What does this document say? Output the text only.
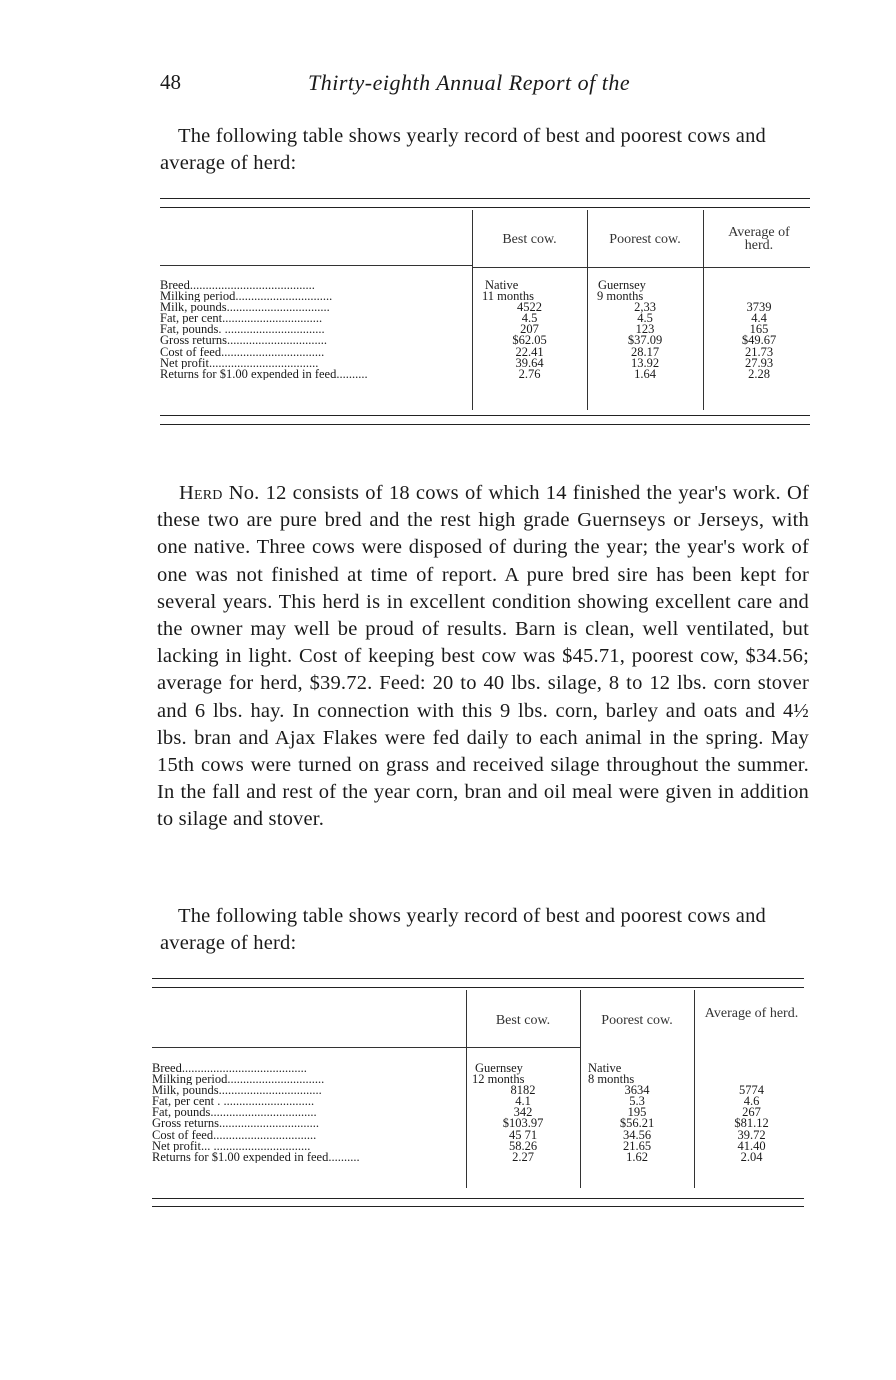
48	Thirty-eighth Annual Report of the

The following table shows yearly record of best and poorest cows and average of herd:

Best cow.	Poorest cow.	Average of herd.
Breed........................................	Native	Guernsey
Milking period...............................	11 months	9 months
Milk, pounds.................................	4522	2,33	3739
Fat, per cent................................	4.5	4.5	4.4
Fat, pounds. ................................	207	123	165
Gross returns................................	$62.05	$37.09	$49.67
Cost of feed.................................	22.41	28.17	21.73
Net profit...................................	39.64	13.92	27.93
Returns for $1.00 expended in feed..........	2.76	1.64	2.28

Herd No. 12 consists of 18 cows of which 14 finished the year's work. Of these two are pure bred and the rest high grade Guernseys or Jerseys, with one native. Three cows were disposed of during the year; the year's work of one was not finished at time of report. A pure bred sire has been kept for several years. This herd is in excellent condition showing excellent care and the owner may well be proud of results. Barn is clean, well ventilated, but lacking in light. Cost of keeping best cow was $45.71, poorest cow, $34.56; average for herd, $39.72. Feed: 20 to 40 lbs. silage, 8 to 12 lbs. corn stover and 6 lbs. hay. In connection with this 9 lbs. corn, barley and oats and 4½ lbs. bran and Ajax Flakes were fed daily to each animal in the spring. May 15th cows were turned on grass and received silage throughout the summer. In the fall and rest of the year corn, bran and oil meal were given in addition to silage and stover.

The following table shows yearly record of best and poorest cows and average of herd:

Best cow.	Poorest cow.	Average of herd.
Breed........................................	Guernsey	Native
Milking period...............................	12 months	8 months
Milk, pounds.................................	8182	3634	5774
Fat, per cent . .............................	4.1	5.3	4.6
Fat, pounds..................................	342	195	267
Gross returns................................	$103.97	$56.21	$81.12
Cost of feed.................................	45 71	34.56	39.72
Net profit... ...............................	58.26	21.65	41.40
Returns for $1.00 expended in feed..........	2.27	1.62	2.04
